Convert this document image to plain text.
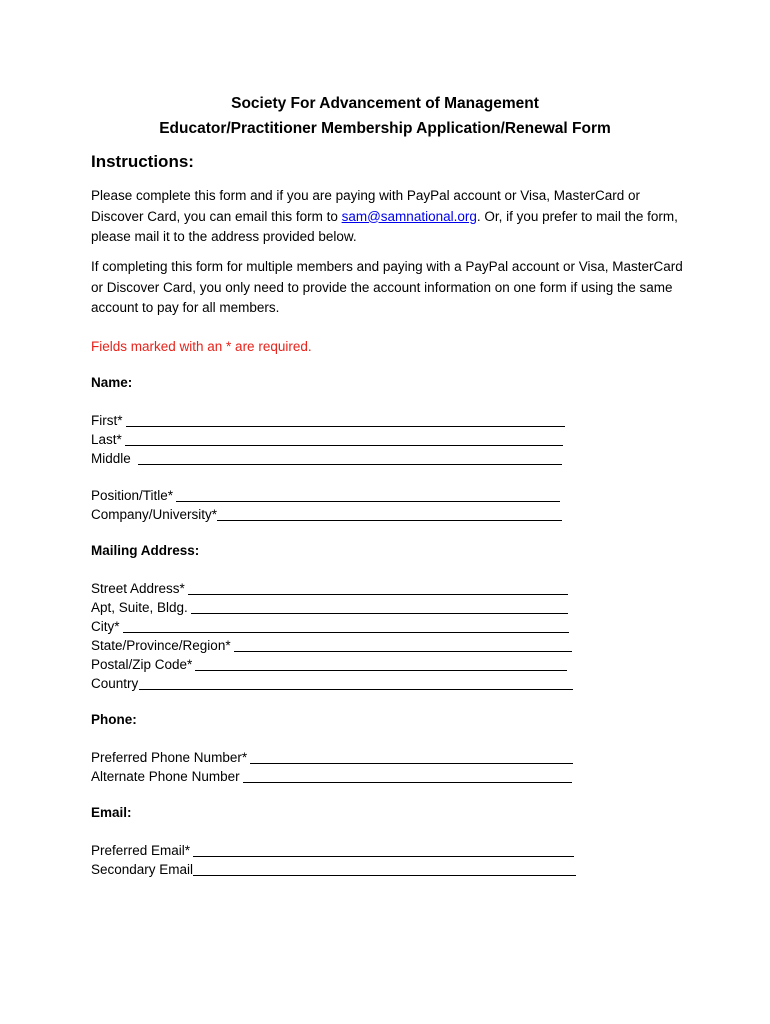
Society For Advancement of Management
Educator/Practitioner Membership Application/Renewal Form
Instructions:
Please complete this form and if you are paying with PayPal account or Visa, MasterCard or Discover Card, you can email this form to sam@samnational.org. Or, if you prefer to mail the form, please mail it to the address provided below.
If completing this form for multiple members and paying with a PayPal account or Visa, MasterCard or Discover Card, you only need to provide the account information on one form if using the same account to pay for all members.
Fields marked with an * are required.
Name:
First*
Last*
Middle
Position/Title*
Company/University*
Mailing Address:
Street Address*
Apt, Suite, Bldg.
City*
State/Province/Region*
Postal/Zip Code*
Country
Phone:
Preferred Phone Number*
Alternate Phone Number
Email:
Preferred Email*
Secondary Email
